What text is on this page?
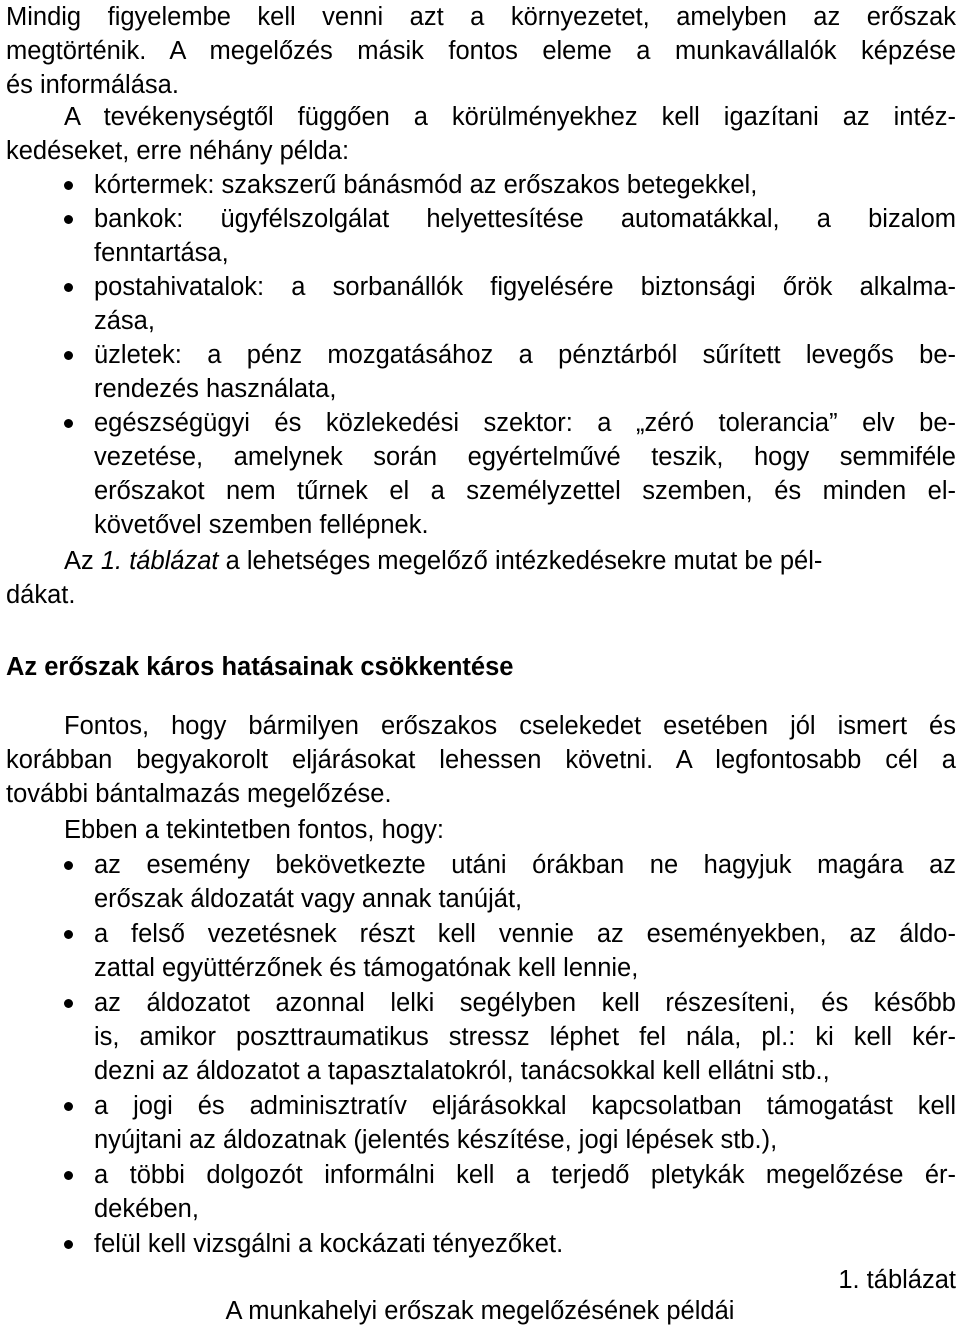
Mindig figyelembe kell venni azt a környezetet, amelyben az erőszak
megtörténik. A megelőzés másik fontos eleme a munkavállalók képzése
és informálása.
A tevékenységtől függően a körülményekhez kell igazítani az intéz-
kedéseket, erre néhány példa:
kórtermek: szakszerű bánásmód az erőszakos betegekkel,
bankok: ügyfélszolgálat helyettesítése automatákkal, a bizalom
fenntartása,
postahivatalok: a sorbanállók figyelésére biztonsági őrök alkalma-
zása,
üzletek: a pénz mozgatásához a pénztárból sűrített levegős be-
rendezés használata,
egészségügyi és közlekedési szektor: a „zéró tolerancia” elv be-
vezetése, amelynek során egyértelművé teszik, hogy semmiféle
erőszakot nem tűrnek el a személyzettel szemben, és minden el-
követővel szemben fellépnek.
Az 1. táblázat a lehetséges megelőző intézkedésekre mutat be pél-
dákat.
Az erőszak káros hatásainak csökkentése
Fontos, hogy bármilyen erőszakos cselekedet esetében jól ismert és
korábban begyakorolt eljárásokat lehessen követni. A legfontosabb cél a
további bántalmazás megelőzése.
Ebben a tekintetben fontos, hogy:
az esemény bekövetkezte utáni órákban ne hagyjuk magára az
erőszak áldozatát vagy annak tanúját,
a felső vezetésnek részt kell vennie az eseményekben, az áldo-
zattal együttérzőnek és támogatónak kell lennie,
az áldozatot azonnal lelki segélyben kell részesíteni, és később
is, amikor poszttraumatikus stressz léphet fel nála, pl.: ki kell kér-
dezni az áldozatot a tapasztalatokról, tanácsokkal kell ellátni stb.,
a jogi és adminisztratív eljárásokkal kapcsolatban támogatást kell
nyújtani az áldozatnak (jelentés készítése, jogi lépések stb.),
a többi dolgozót informálni kell a terjedő pletykák megelőzése ér-
dekében,
felül kell vizsgálni a kockázati tényezőket.
1. táblázat
A munkahelyi erőszak megelőzésének példái
